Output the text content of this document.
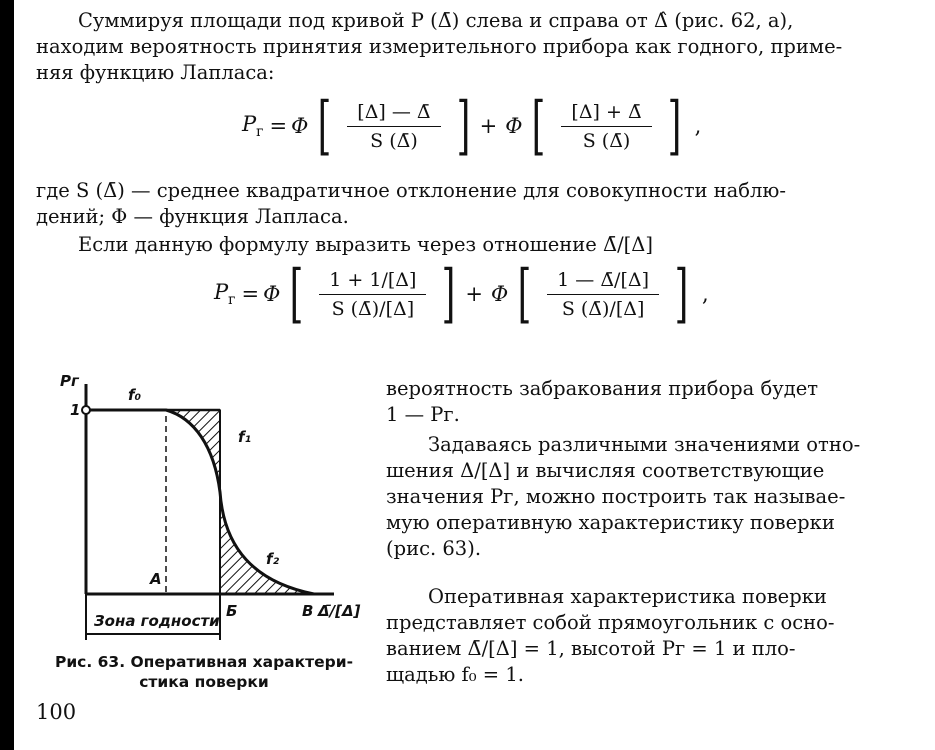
Суммируя площади под кривой P (Δ̄) слева и справа от Δ̂ (рис. 62, a),
находим вероятность принятия измерительного прибора как годного, приме-
няя функцию Лапласа:
$P_г = \Phi$ [ $\frac{[\Delta] — \Deltā}{S (\Deltā)}$ ] + Φ [ $\frac{[\Delta] + \Deltā}{S (\Deltā)}$ ] ,
где S (Δ̄) — среднее квадратичное отклонение для совокупности наблю-
дений; Φ — функция Лапласа.
Если данную формулу выразить через отношение Δ̄/[Δ]
$P_г = \Phi$ [ $\frac{1 + 1/[\Delta]}{S (\Deltā)/[\Delta]}$ ] + Φ [ $\frac{1 — \Deltā/[\Delta]}{S (\Deltā)/[\Delta]}$ ] ,
вероятность забракования прибора будет
1 — Pг.
Задаваясь различными значениями отно-
шения Δ/[Δ] и вычисляя соответствующие
значения Pг, можно построить так называе-
мую оперативную характеристику поверки
(рис. 63).
Оперативная характеристика поверки
представляет собой прямоугольник с осно-
ванием Δ̄/[Δ] = 1, высотой Pг = 1 и пло-
щадью f₀ = 1.
Pг
1
f₀
f₁
f₂
A
Б	В Δ̄/[Δ]
Зона годности
Рис. 63. Оперативная характери-
стика поверки
100
